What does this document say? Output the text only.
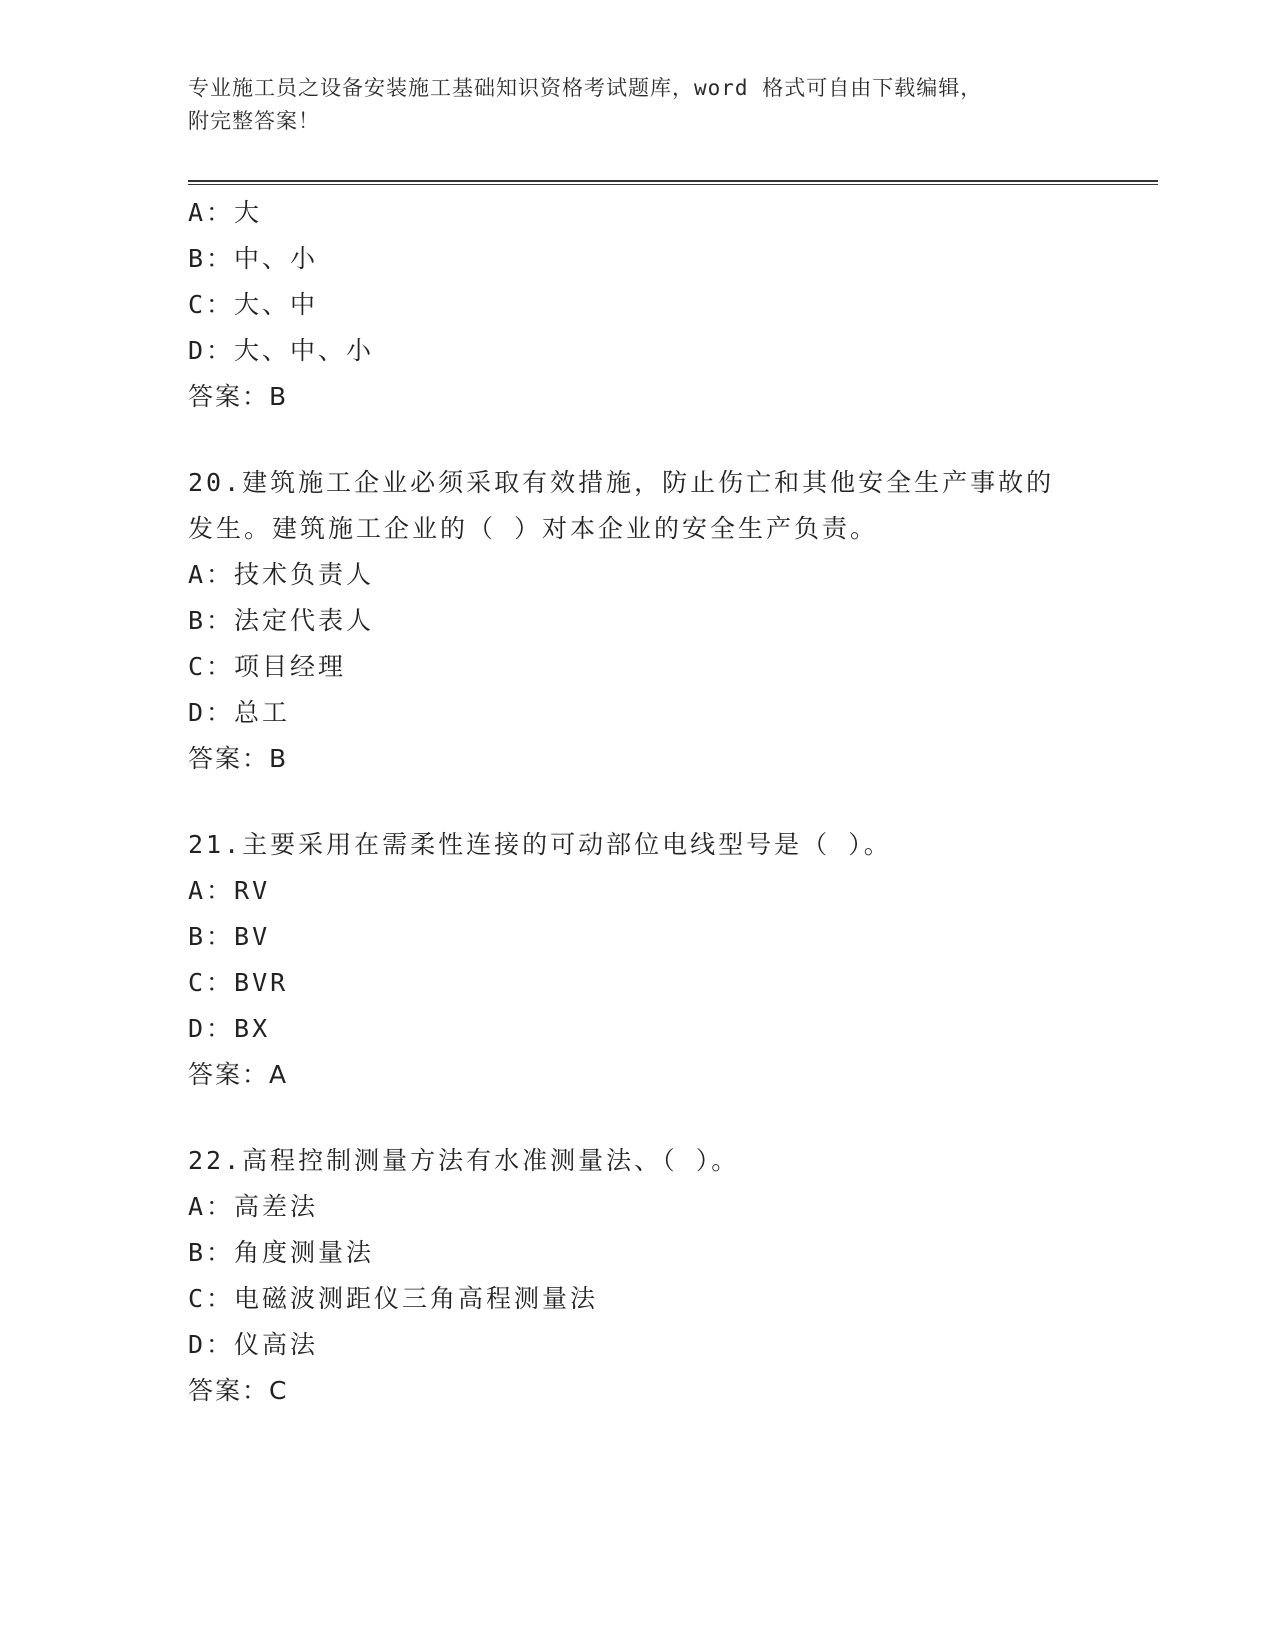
专业施工员之设备安装施工基础知识资格考试题库，word 格式可自由下载编辑，
附完整答案！
A：大
B：中、小
C：大、中
D：大、中、小
答案：B
20.建筑施工企业必须采取有效措施，防止伤亡和其他安全生产事故的
发生。建筑施工企业的（ ）对本企业的安全生产负责。
A：技术负责人
B：法定代表人
C：项目经理
D：总工
答案：B
21.主要采用在需柔性连接的可动部位电线型号是（ ）。
A：RV
B：BV
C：BVR
D：BX
答案：A
22.高程控制测量方法有水准测量法、（ ）。
A：高差法
B：角度测量法
C：电磁波测距仪三角高程测量法
D：仪高法
答案：C
